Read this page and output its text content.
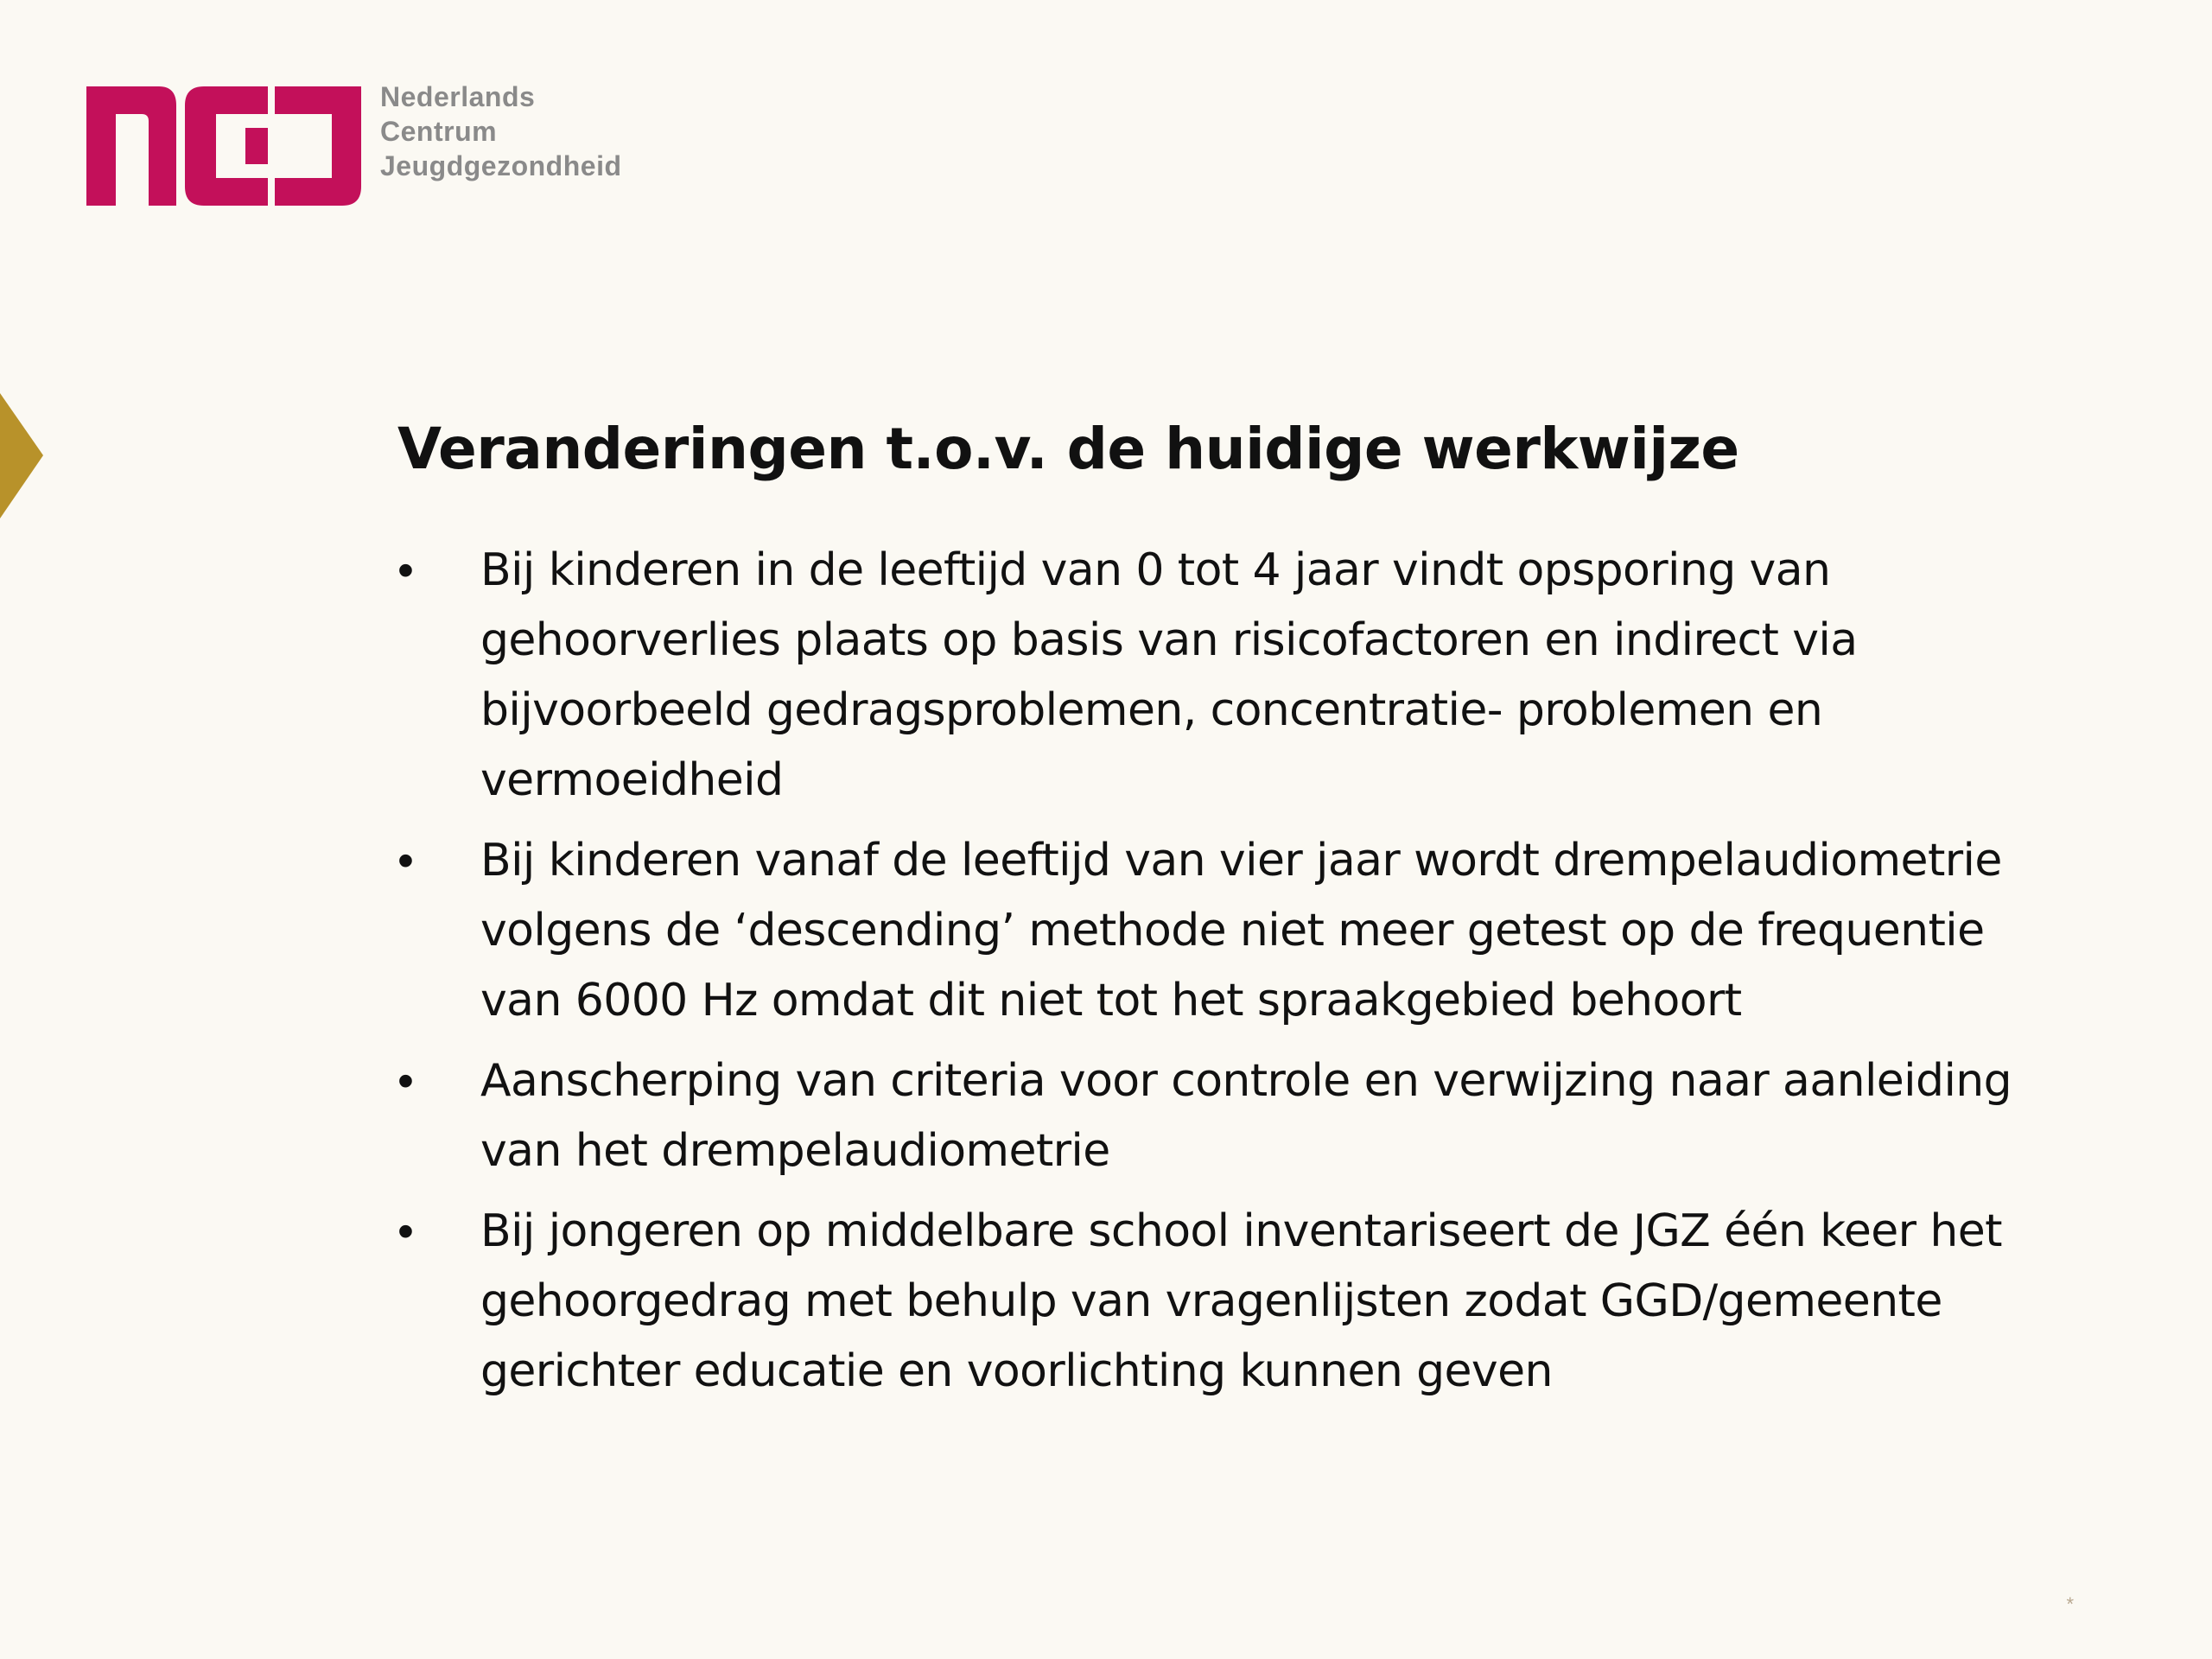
Nederlands
Centrum
Jeugdgezondheid
Veranderingen t.o.v. de huidige werkwijze
•	Bij kinderen in de leeftijd van 0 tot 4 jaar vindt opsporing van gehoorverlies plaats op basis van risicofactoren en indirect via bijvoorbeeld gedragsproblemen, concentratie- problemen en vermoeidheid
•	Bij kinderen vanaf de leeftijd van vier jaar wordt drempelaudiometrie volgens de ‘descending’ methode niet meer getest op de frequentie van 6000 Hz omdat dit niet tot het spraakgebied behoort
•	Aanscherping van criteria voor controle en verwijzing naar aanleiding van het drempelaudiometrie
•	Bij jongeren op middelbare school inventariseert de JGZ één keer het gehoorgedrag met behulp van vragenlijsten zodat GGD/gemeente gerichter educatie en voorlichting kunnen geven
*
